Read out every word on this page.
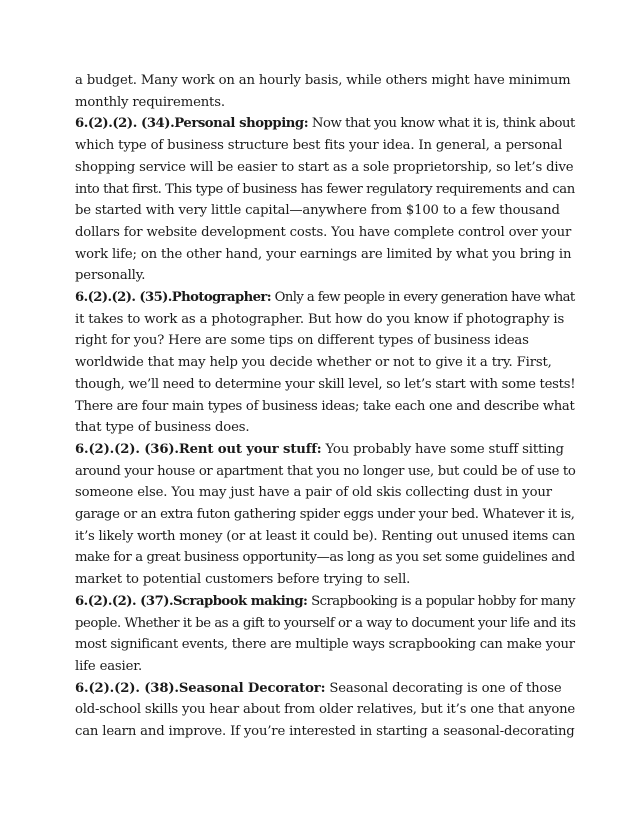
a budget. Many work on an hourly basis, while others might have minimum
monthly requirements.
6.(2).(2). (34).Personal shopping: Now that you know what it is, think about
which type of business structure best fits your idea. In general, a personal
shopping service will be easier to start as a sole proprietorship, so let’s dive
into that first. This type of business has fewer regulatory requirements and can
be started with very little capital—anywhere from $100 to a few thousand
dollars for website development costs. You have complete control over your
work life; on the other hand, your earnings are limited by what you bring in
personally.
6.(2).(2). (35).Photographer: Only a few people in every generation have what
it takes to work as a photographer. But how do you know if photography is
right for you? Here are some tips on different types of business ideas
worldwide that may help you decide whether or not to give it a try. First,
though, we’ll need to determine your skill level, so let’s start with some tests!
There are four main types of business ideas; take each one and describe what
that type of business does.
6.(2).(2). (36).Rent out your stuff: You probably have some stuff sitting
around your house or apartment that you no longer use, but could be of use to
someone else. You may just have a pair of old skis collecting dust in your
garage or an extra futon gathering spider eggs under your bed. Whatever it is,
it’s likely worth money (or at least it could be). Renting out unused items can
make for a great business opportunity—as long as you set some guidelines and
market to potential customers before trying to sell.
6.(2).(2). (37).Scrapbook making: Scrapbooking is a popular hobby for many
people. Whether it be as a gift to yourself or a way to document your life and its
most significant events, there are multiple ways scrapbooking can make your
life easier.
6.(2).(2). (38).Seasonal Decorator: Seasonal decorating is one of those
old-school skills you hear about from older relatives, but it’s one that anyone
can learn and improve. If you’re interested in starting a seasonal-decorating
